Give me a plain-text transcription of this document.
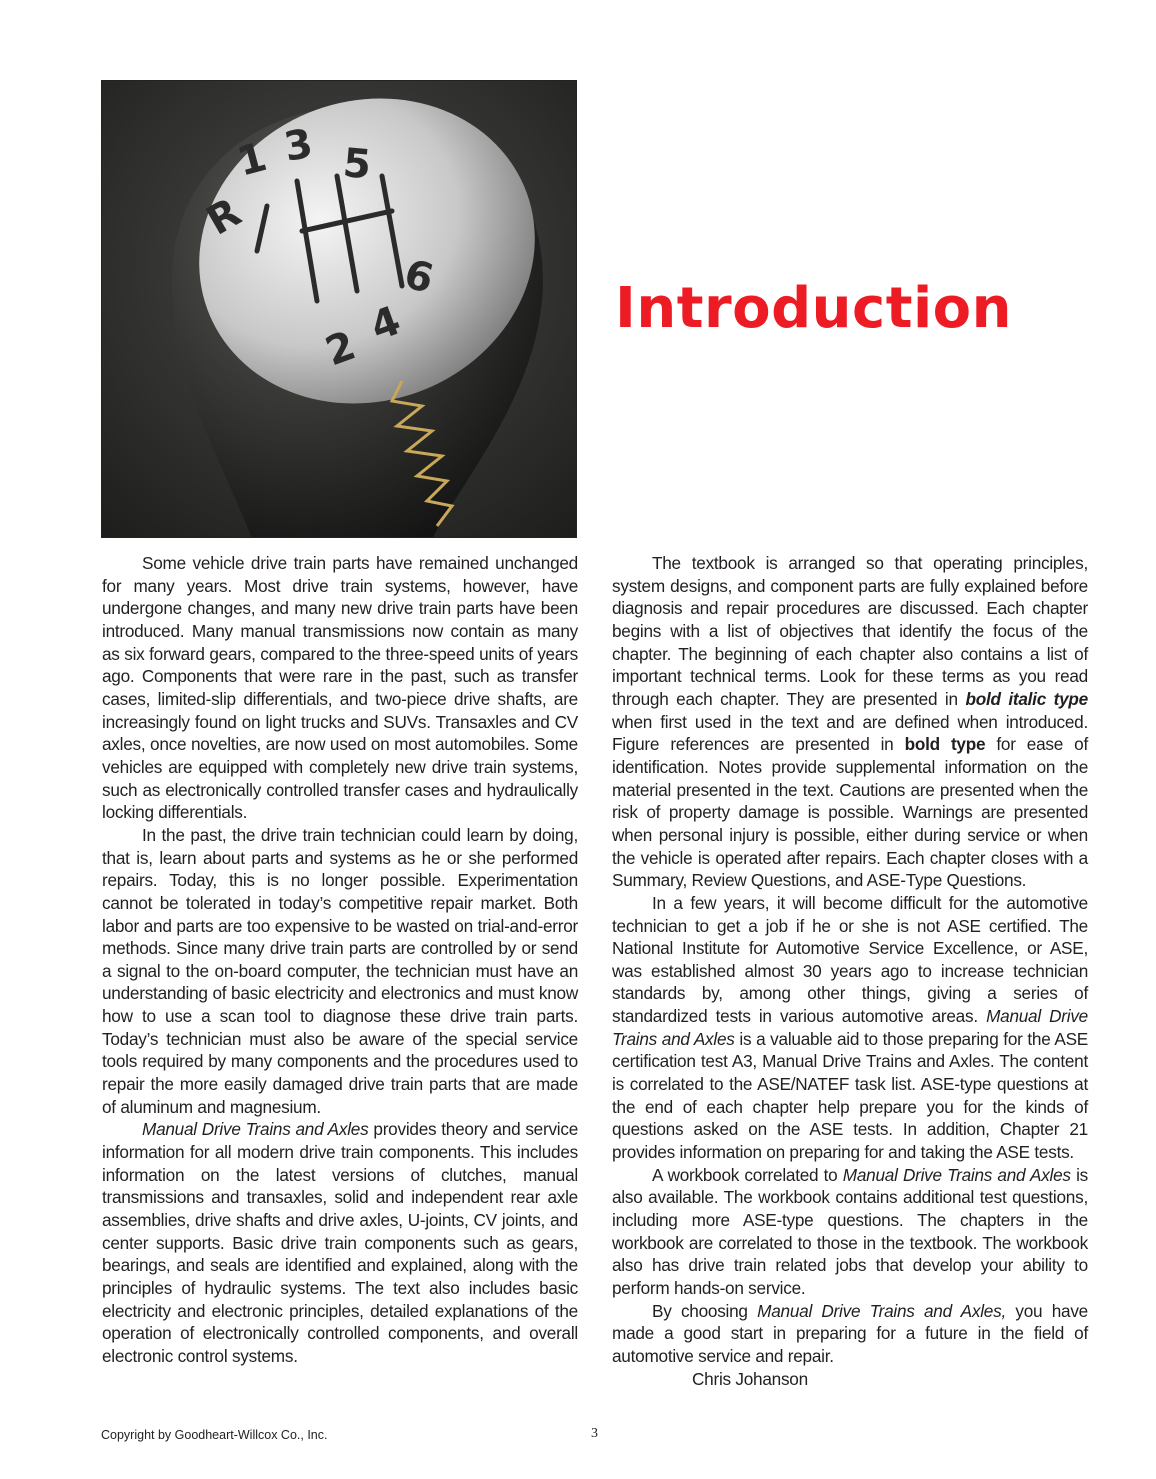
1 3 5
R
6
2 4	Introduction

Some vehicle drive train parts have remained unchanged for many years. Most drive train systems, however, have undergone changes, and many new drive train parts have been introduced. Many manual transmissions now contain as many as six forward gears, compared to the three-speed units of years ago. Components that were rare in the past, such as transfer cases, limited-slip differentials, and two-piece drive shafts, are increasingly found on light trucks and SUVs. Transaxles and CV axles, once novelties, are now used on most automobiles. Some vehicles are equipped with completely new drive train systems, such as electronically controlled transfer cases and hydraulically locking differentials.

In the past, the drive train technician could learn by doing, that is, learn about parts and systems as he or she performed repairs. Today, this is no longer possible. Experimentation cannot be tolerated in today’s competitive repair market. Both labor and parts are too expensive to be wasted on trial-and-error methods. Since many drive train parts are controlled by or send a signal to the on-board computer, the technician must have an understanding of basic electricity and electronics and must know how to use a scan tool to diagnose these drive train parts. Today’s technician must also be aware of the special service tools required by many components and the procedures used to repair the more easily damaged drive train parts that are made of aluminum and magnesium.

Manual Drive Trains and Axles provides theory and service information for all modern drive train components. This includes information on the latest versions of clutches, manual transmissions and transaxles, solid and independent rear axle assemblies, drive shafts and drive axles, U-joints, CV joints, and center supports. Basic drive train components such as gears, bearings, and seals are identified and explained, along with the principles of hydraulic systems. The text also includes basic electricity and electronic principles, detailed explanations of the operation of electronically controlled components, and overall electronic control systems.

The textbook is arranged so that operating principles, system designs, and component parts are fully explained before diagnosis and repair procedures are discussed. Each chapter begins with a list of objectives that identify the focus of the chapter. The beginning of each chapter also contains a list of important technical terms. Look for these terms as you read through each chapter. They are presented in bold italic type when first used in the text and are defined when introduced. Figure references are presented in bold type for ease of identification. Notes provide supplemental information on the material presented in the text. Cautions are presented when the risk of property damage is possible. Warnings are presented when personal injury is possible, either during service or when the vehicle is operated after repairs. Each chapter closes with a Summary, Review Questions, and ASE-Type Questions.

In a few years, it will become difficult for the automotive technician to get a job if he or she is not ASE certified. The National Institute for Automotive Service Excellence, or ASE, was established almost 30 years ago to increase technician standards by, among other things, giving a series of standardized tests in various automotive areas. Manual Drive Trains and Axles is a valuable aid to those preparing for the ASE certification test A3, Manual Drive Trains and Axles. The content is correlated to the ASE/NATEF task list. ASE-type questions at the end of each chapter help prepare you for the kinds of questions asked on the ASE tests. In addition, Chapter 21 provides information on preparing for and taking the ASE tests.

A workbook correlated to Manual Drive Trains and Axles is also available. The workbook contains additional test questions, including more ASE-type questions. The chapters in the workbook are correlated to those in the textbook. The workbook also has drive train related jobs that develop your ability to perform hands-on service.

By choosing Manual Drive Trains and Axles, you have made a good start in preparing for a future in the field of automotive service and repair.

Chris Johanson

Copyright by Goodheart-Willcox Co., Inc.	3
